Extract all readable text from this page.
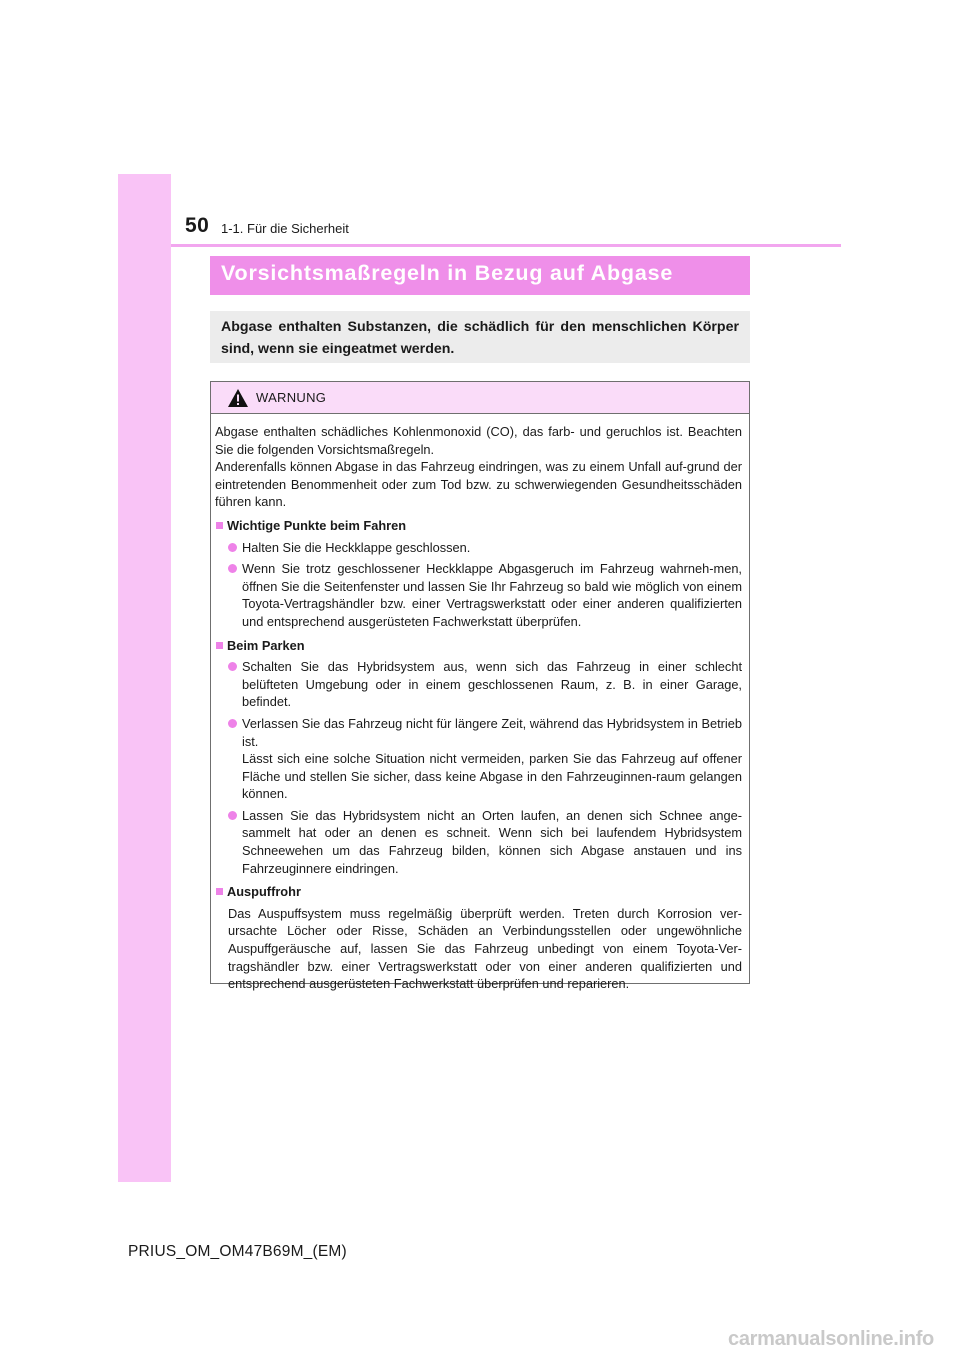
50 1-1. Für die Sicherheit
Vorsichtsmaßregeln in Bezug auf Abgase
Abgase enthalten Substanzen, die schädlich für den menschlichen Körper sind, wenn sie eingeatmet werden.
WARNUNG
Abgase enthalten schädliches Kohlenmonoxid (CO), das farb- und geruchlos ist. Beachten Sie die folgenden Vorsichtsmaßregeln.
Anderenfalls können Abgase in das Fahrzeug eindringen, was zu einem Unfall auf-grund der eintretenden Benommenheit oder zum Tod bzw. zu schwerwiegenden Gesundheitsschäden führen kann.
Wichtige Punkte beim Fahren
Halten Sie die Heckklappe geschlossen.
Wenn Sie trotz geschlossener Heckklappe Abgasgeruch im Fahrzeug wahrneh-men, öffnen Sie die Seitenfenster und lassen Sie Ihr Fahrzeug so bald wie möglich von einem Toyota-Vertragshändler bzw. einer Vertragswerkstatt oder einer anderen qualifizierten und entsprechend ausgerüsteten Fachwerkstatt überprüfen.
Beim Parken
Schalten Sie das Hybridsystem aus, wenn sich das Fahrzeug in einer schlecht belüfteten Umgebung oder in einem geschlossenen Raum, z. B. in einer Garage, befindet.
Verlassen Sie das Fahrzeug nicht für längere Zeit, während das Hybridsystem in Betrieb ist.
Lässt sich eine solche Situation nicht vermeiden, parken Sie das Fahrzeug auf offener Fläche und stellen Sie sicher, dass keine Abgase in den Fahrzeuginnen-raum gelangen können.
Lassen Sie das Hybridsystem nicht an Orten laufen, an denen sich Schnee ange-sammelt hat oder an denen es schneit. Wenn sich bei laufendem Hybridsystem Schneewehen um das Fahrzeug bilden, können sich Abgase anstauen und ins Fahrzeuginnere eindringen.
Auspuffrohr
Das Auspuffsystem muss regelmäßig überprüft werden. Treten durch Korrosion ver-ursachte Löcher oder Risse, Schäden an Verbindungsstellen oder ungewöhnliche Auspuffgeräusche auf, lassen Sie das Fahrzeug unbedingt von einem Toyota-Ver-tragshändler bzw. einer Vertragswerkstatt oder von einer anderen qualifizierten und entsprechend ausgerüsteten Fachwerkstatt überprüfen und reparieren.
PRIUS_OM_OM47B69M_(EM)
carmanualsonline.info
